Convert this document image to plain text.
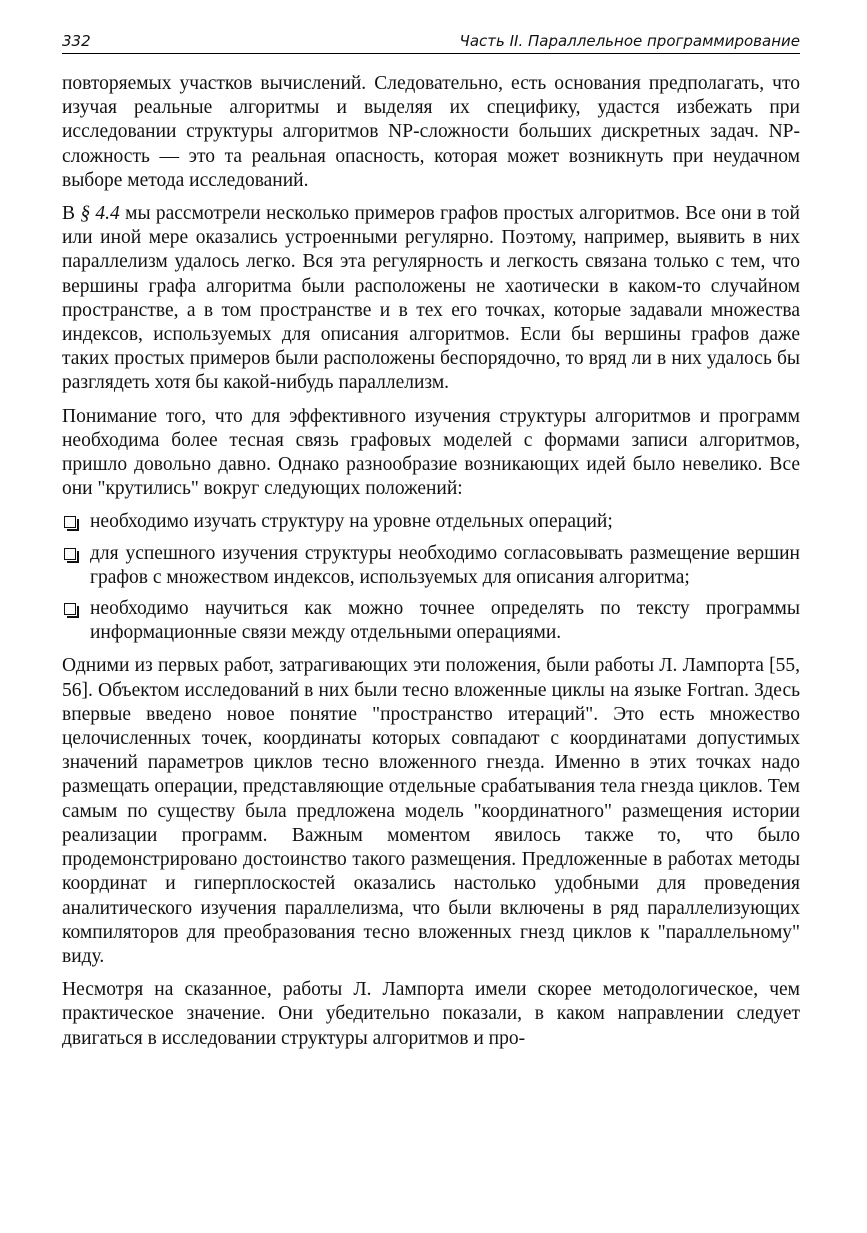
332	Часть II. Параллельное программирование

повторяемых участков вычислений. Следовательно, есть основания предполагать, что изучая реальные алгоритмы и выделяя их специфику, удастся избежать при исследовании структуры алгоритмов NP-сложности больших дискретных задач. NP-сложность — это та реальная опасность, которая может возникнуть при неудачном выборе метода исследований.

В § 4.4 мы рассмотрели несколько примеров графов простых алгоритмов. Все они в той или иной мере оказались устроенными регулярно. Поэтому, например, выявить в них параллелизм удалось легко. Вся эта регулярность и легкость связана только с тем, что вершины графа алгоритма были расположены не хаотически в каком-то случайном пространстве, а в том пространстве и в тех его точках, которые задавали множества индексов, используемых для описания алгоритмов. Если бы вершины графов даже таких простых примеров были расположены беспорядочно, то вряд ли в них удалось бы разглядеть хотя бы какой-нибудь параллелизм.

Понимание того, что для эффективного изучения структуры алгоритмов и программ необходима более тесная связь графовых моделей с формами записи алгоритмов, пришло довольно давно. Однако разнообразие возникающих идей было невелико. Все они "крутились" вокруг следующих положений:

необходимо изучать структуру на уровне отдельных операций;
для успешного изучения структуры необходимо согласовывать размещение вершин графов с множеством индексов, используемых для описания алгоритма;
необходимо научиться как можно точнее определять по тексту программы информационные связи между отдельными операциями.

Одними из первых работ, затрагивающих эти положения, были работы Л. Лампорта [55, 56]. Объектом исследований в них были тесно вложенные циклы на языке Fortran. Здесь впервые введено новое понятие "пространство итераций". Это есть множество целочисленных точек, координаты которых совпадают с координатами допустимых значений параметров циклов тесно вложенного гнезда. Именно в этих точках надо размещать операции, представляющие отдельные срабатывания тела гнезда циклов. Тем самым по существу была предложена модель "координатного" размещения истории реализации программ. Важным моментом явилось также то, что было продемонстрировано достоинство такого размещения. Предложенные в работах методы координат и гиперплоскостей оказались настолько удобными для проведения аналитического изучения параллелизма, что были включены в ряд параллелизующих компиляторов для преобразования тесно вложенных гнезд циклов к "параллельному" виду.

Несмотря на сказанное, работы Л. Лампорта имели скорее методологическое, чем практическое значение. Они убедительно показали, в каком направлении следует двигаться в исследовании структуры алгоритмов и про-
